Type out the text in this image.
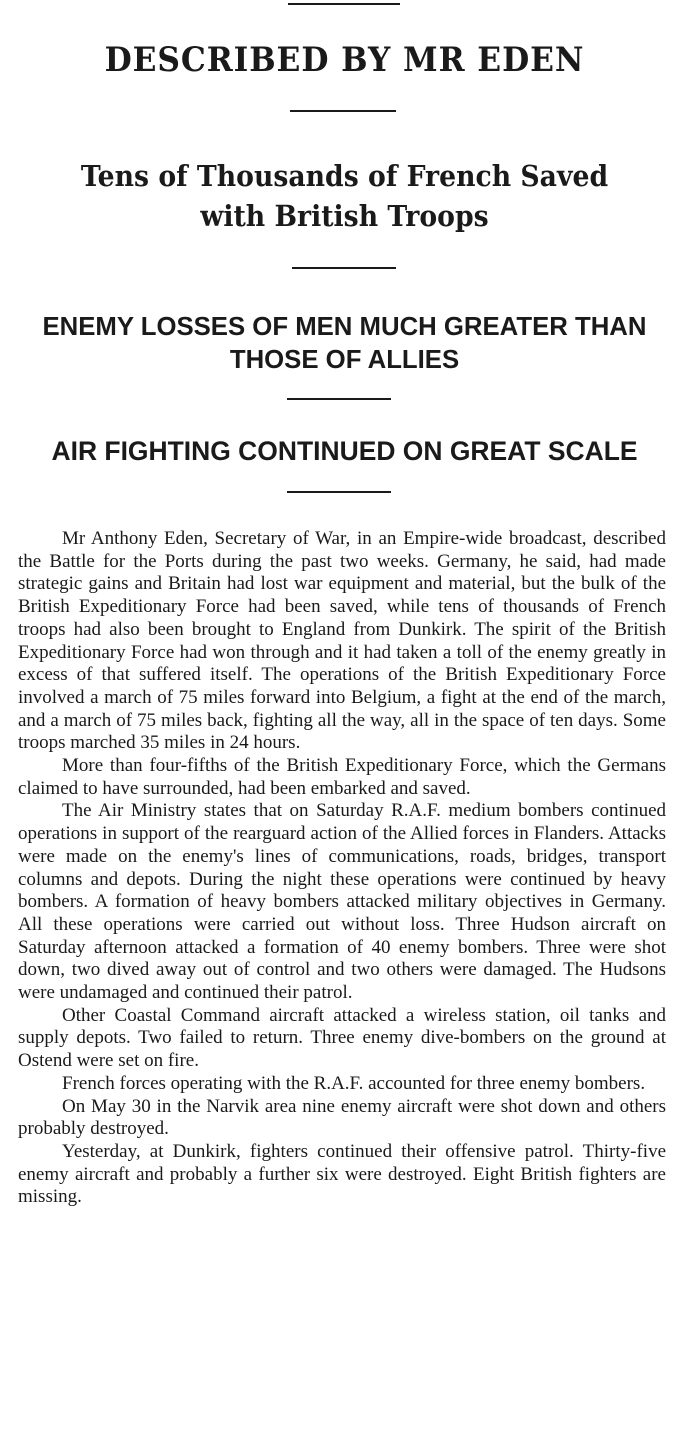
DESCRIBED BY MR EDEN
Tens of Thousands of French Saved
with British Troops
ENEMY LOSSES OF MEN MUCH GREATER THAN
THOSE OF ALLIES
AIR FIGHTING CONTINUED ON GREAT SCALE

Mr Anthony Eden, Secretary of War, in an Empire-wide broadcast, described the Battle for the Ports during the past two weeks. Germany, he said, had made strategic gains and Britain had lost war equipment and material, but the bulk of the British Expeditionary Force had been saved, while tens of thousands of French troops had also been brought to England from Dunkirk. The spirit of the British Expeditionary Force had won through and it had taken a toll of the enemy greatly in excess of that suffered itself. The operations of the British Expeditionary Force involved a march of 75 miles forward into Belgium, a fight at the end of the march, and a march of 75 miles back, fighting all the way, all in the space of ten days. Some troops marched 35 miles in 24 hours.

More than four-fifths of the British Expeditionary Force, which the Germans claimed to have surrounded, had been embarked and saved.

The Air Ministry states that on Saturday R.A.F. medium bombers continued operations in support of the rearguard action of the Allied forces in Flanders. Attacks were made on the enemy's lines of communications, roads, bridges, transport columns and depots. During the night these operations were continued by heavy bombers. A formation of heavy bombers attacked military objectives in Germany. All these operations were carried out without loss. Three Hudson aircraft on Saturday afternoon attacked a formation of 40 enemy bombers. Three were shot down, two dived away out of control and two others were damaged. The Hudsons were undamaged and continued their patrol.

Other Coastal Command aircraft attacked a wireless station, oil tanks and supply depots. Two failed to return. Three enemy dive-bombers on the ground at Ostend were set on fire.

French forces operating with the R.A.F. accounted for three enemy bombers.

On May 30 in the Narvik area nine enemy aircraft were shot down and others probably destroyed.

Yesterday, at Dunkirk, fighters continued their offensive patrol. Thirty-five enemy aircraft and probably a further six were destroyed. Eight British fighters are missing.
